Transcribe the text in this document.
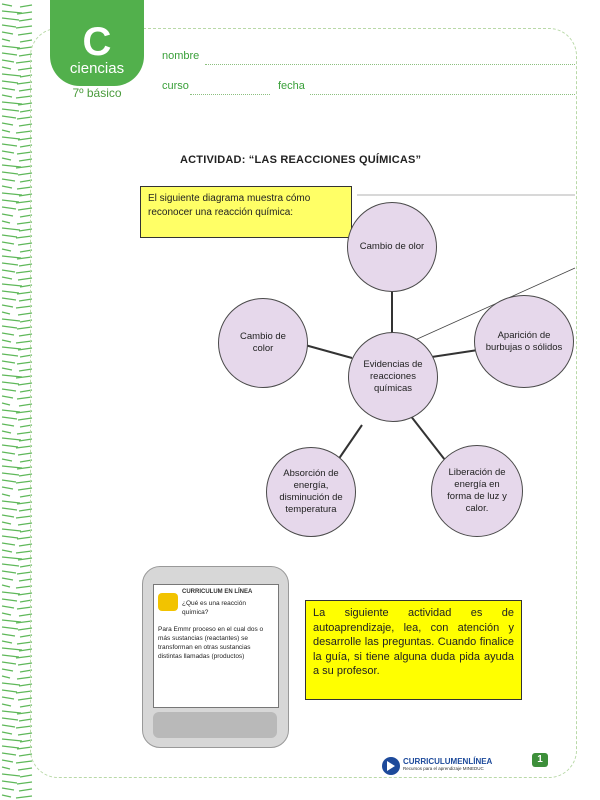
C
ciencias
7º básico
nombre
curso	fecha
ACTIVIDAD: “LAS REACCIONES QUÍMICAS”
El siguiente diagrama muestra cómo reconocer una reacción química:
Cambio de olor
Aparición de burbujas o sólidos
Liberación de energía en forma de luz y calor.
Absorción de energía, disminución de temperatura
Cambio de color
Evidencias de reacciones químicas
CURRICULUM EN LÍNEA
¿Qué es una reacción química?
Para Emmr proceso en el cual dos o más sustancias (reactantes) se transforman en otras sustancias distintas llamadas (productos)
La siguiente actividad es de autoaprendizaje, lea, con atención y desarrolle las preguntas. Cuando finalice la guía, si tiene alguna duda pida ayuda a su profesor.
CURRICULUMENLÍNEA
Recursos para el aprendizaje MINEDUC
1
